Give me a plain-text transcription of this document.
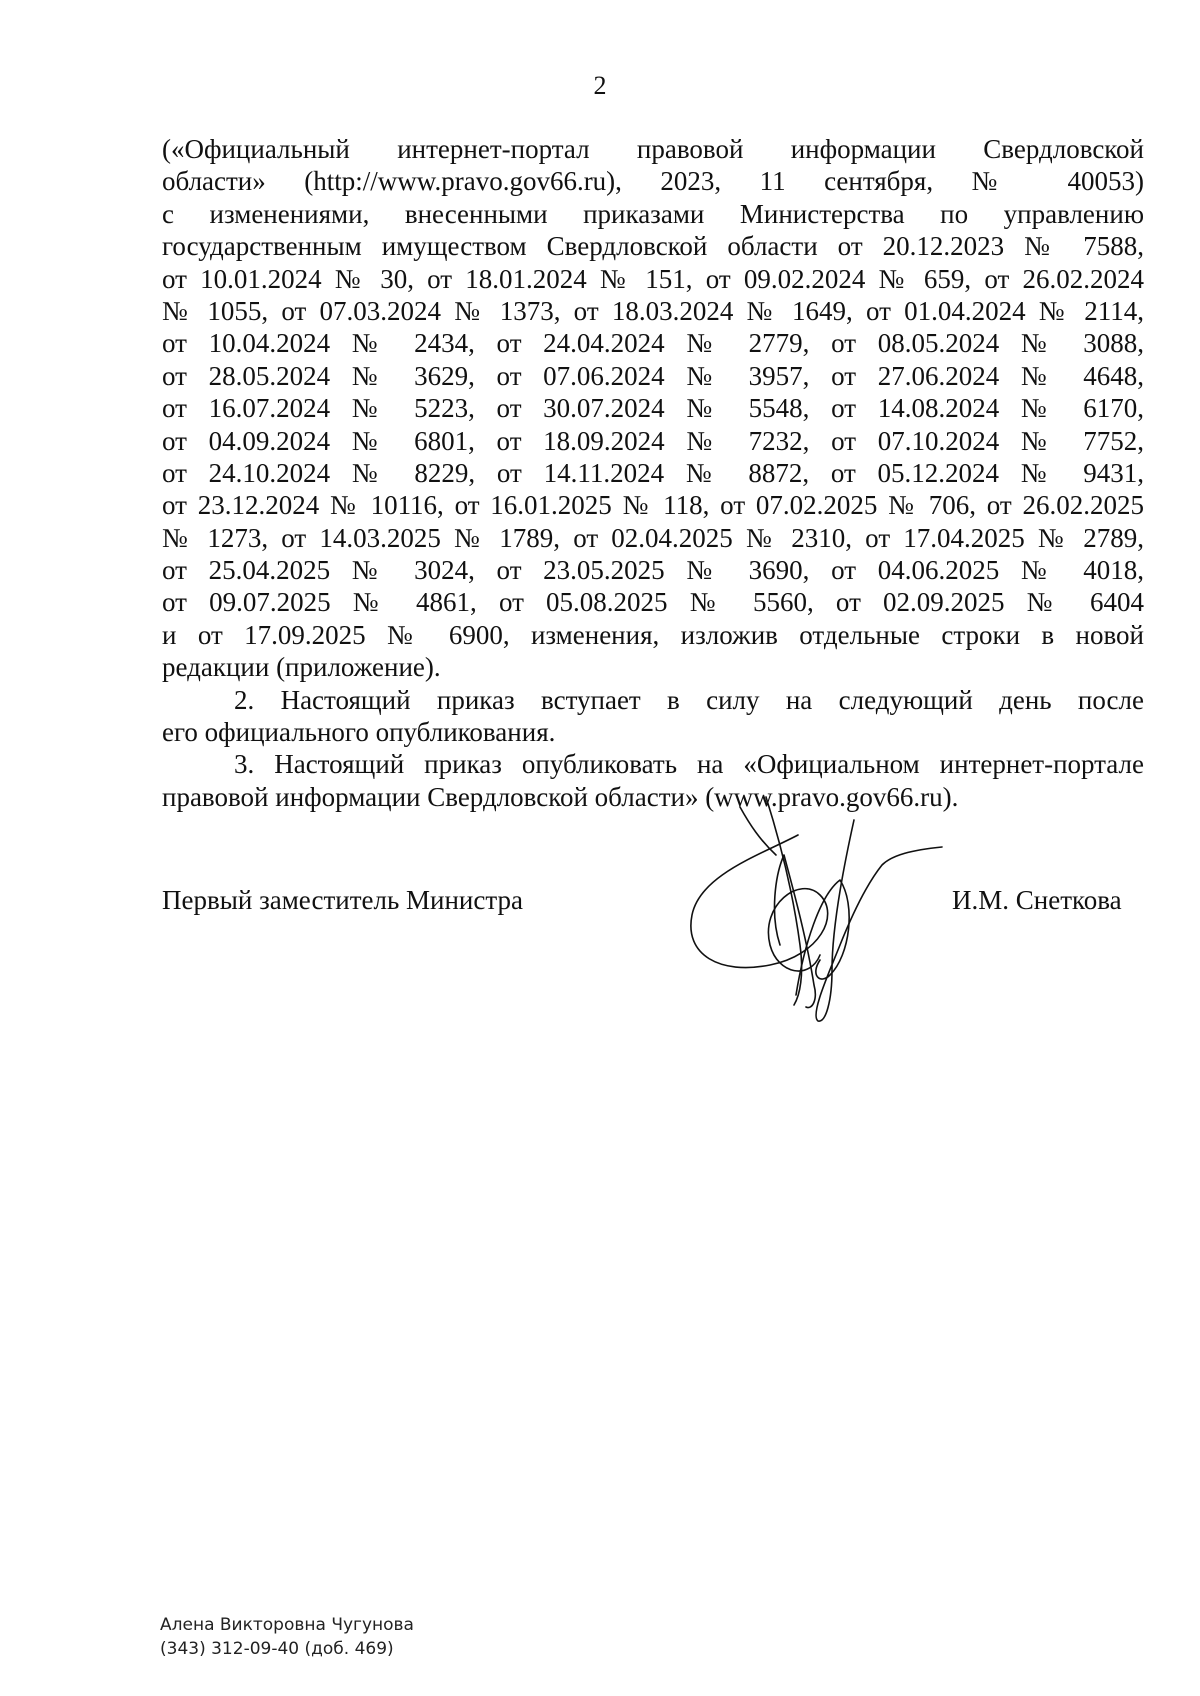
2

(«Официальный интернет-портал правовой информации Свердловской
области» (http://www.pravo.gov66.ru), 2023, 11 сентября, № 40053)
с изменениями, внесенными приказами Министерства по управлению
государственным имуществом Свердловской области от 20.12.2023 № 7588,
от 10.01.2024 № 30, от 18.01.2024 № 151, от 09.02.2024 № 659, от 26.02.2024
№ 1055, от 07.03.2024 № 1373, от 18.03.2024 № 1649, от 01.04.2024 № 2114,
от 10.04.2024 № 2434, от 24.04.2024 № 2779, от 08.05.2024 № 3088,
от 28.05.2024 № 3629, от 07.06.2024 № 3957, от 27.06.2024 № 4648,
от 16.07.2024 № 5223, от 30.07.2024 № 5548, от 14.08.2024 № 6170,
от 04.09.2024 № 6801, от 18.09.2024 № 7232, от 07.10.2024 № 7752,
от 24.10.2024 № 8229, от 14.11.2024 № 8872, от 05.12.2024 № 9431,
от 23.12.2024 № 10116, от 16.01.2025 № 118, от 07.02.2025 № 706, от 26.02.2025
№ 1273, от 14.03.2025 № 1789, от 02.04.2025 № 2310, от 17.04.2025 № 2789,
от 25.04.2025 № 3024, от 23.05.2025 № 3690, от 04.06.2025 № 4018,
от 09.07.2025 № 4861, от 05.08.2025 № 5560, от 02.09.2025 № 6404
и от 17.09.2025 № 6900, изменения, изложив отдельные строки в новой
редакции (приложение).

2. Настоящий приказ вступает в силу на следующий день после
его официального опубликования.

3. Настоящий приказ опубликовать на «Официальном интернет-портале
правовой информации Свердловской области» (www.pravo.gov66.ru).

Первый заместитель Министра	И.М. Снеткова
Алена Викторовна Чугунова
(343) 312-09-40 (доб. 469)
